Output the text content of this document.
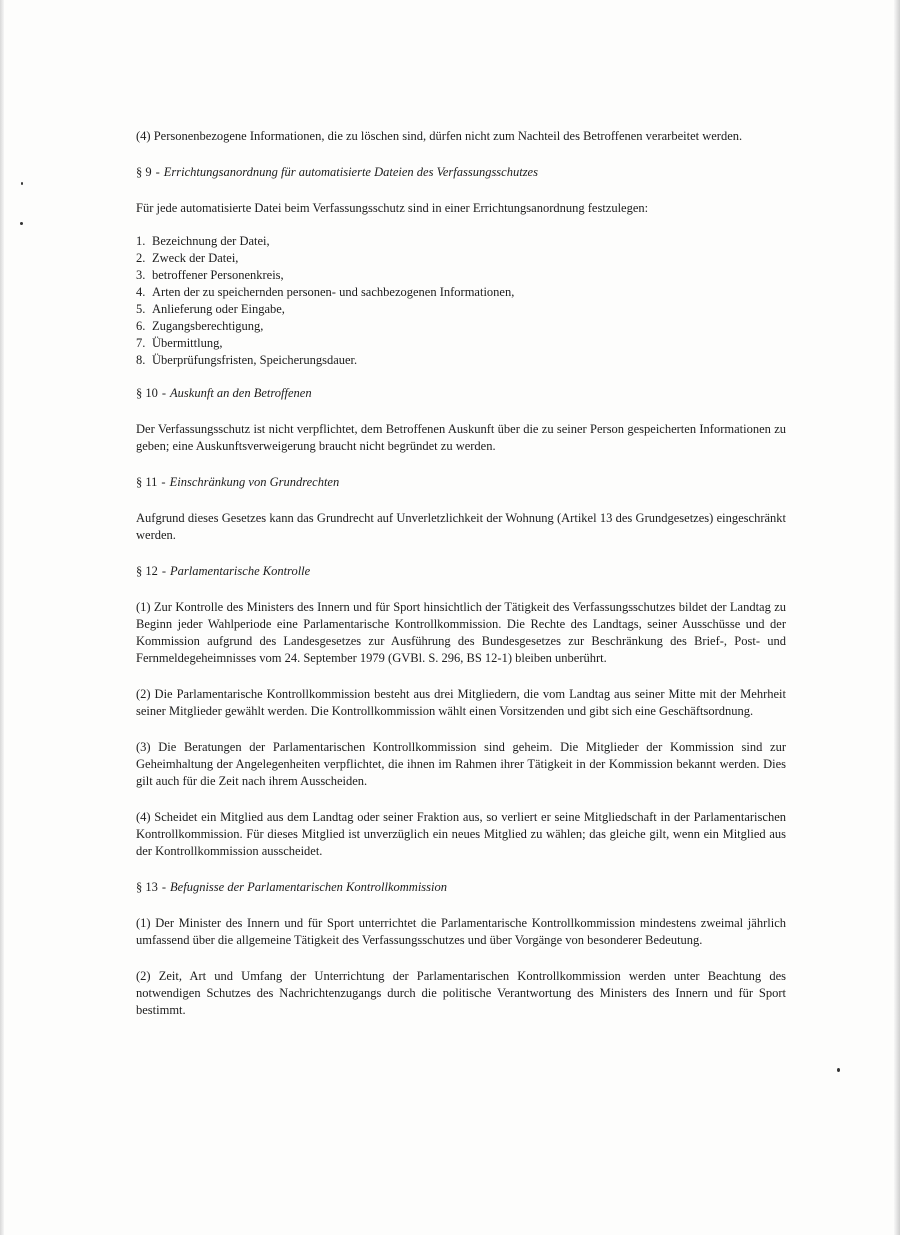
(4) Personenbezogene Informationen, die zu löschen sind, dürfen nicht zum Nachteil des Betroffenen verarbeitet werden.

§ 9 - Errichtungsanordnung für automatisierte Dateien des Verfassungsschutzes

Für jede automatisierte Datei beim Verfassungsschutz sind in einer Errichtungsanordnung festzulegen:

1. Bezeichnung der Datei,
2. Zweck der Datei,
3. betroffener Personenkreis,
4. Arten der zu speichernden personen- und sachbezogenen Informationen,
5. Anlieferung oder Eingabe,
6. Zugangsberechtigung,
7. Übermittlung,
8. Überprüfungsfristen, Speicherungsdauer.

§ 10 - Auskunft an den Betroffenen

Der Verfassungsschutz ist nicht verpflichtet, dem Betroffenen Auskunft über die zu seiner Person gespeicherten Informationen zu geben; eine Auskunftsverweigerung braucht nicht begründet zu werden.

§ 11 - Einschränkung von Grundrechten

Aufgrund dieses Gesetzes kann das Grundrecht auf Unverletzlichkeit der Wohnung (Artikel 13 des Grundgesetzes) eingeschränkt werden.

§ 12 - Parlamentarische Kontrolle

(1) Zur Kontrolle des Ministers des Innern und für Sport hinsichtlich der Tätigkeit des Verfassungsschutzes bildet der Landtag zu Beginn jeder Wahlperiode eine Parlamentarische Kontrollkommission. Die Rechte des Landtags, seiner Ausschüsse und der Kommission aufgrund des Landesgesetzes zur Ausführung des Bundesgesetzes zur Beschränkung des Brief-, Post- und Fernmeldegeheimnisses vom 24. September 1979 (GVBl. S. 296, BS 12-1) bleiben unberührt.

(2) Die Parlamentarische Kontrollkommission besteht aus drei Mitgliedern, die vom Landtag aus seiner Mitte mit der Mehrheit seiner Mitglieder gewählt werden. Die Kontrollkommission wählt einen Vorsitzenden und gibt sich eine Geschäftsordnung.

(3) Die Beratungen der Parlamentarischen Kontrollkommission sind geheim. Die Mitglieder der Kommission sind zur Geheimhaltung der Angelegenheiten verpflichtet, die ihnen im Rahmen ihrer Tätigkeit in der Kommission bekannt werden. Dies gilt auch für die Zeit nach ihrem Ausscheiden.

(4) Scheidet ein Mitglied aus dem Landtag oder seiner Fraktion aus, so verliert er seine Mitgliedschaft in der Parlamentarischen Kontrollkommission. Für dieses Mitglied ist unverzüglich ein neues Mitglied zu wählen; das gleiche gilt, wenn ein Mitglied aus der Kontrollkommission ausscheidet.

§ 13 - Befugnisse der Parlamentarischen Kontrollkommission

(1) Der Minister des Innern und für Sport unterrichtet die Parlamentarische Kontrollkommission mindestens zweimal jährlich umfassend über die allgemeine Tätigkeit des Verfassungsschutzes und über Vorgänge von besonderer Bedeutung.

(2) Zeit, Art und Umfang der Unterrichtung der Parlamentarischen Kontrollkommission werden unter Beachtung des notwendigen Schutzes des Nachrichtenzugangs durch die politische Verantwortung des Ministers des Innern und für Sport bestimmt.
